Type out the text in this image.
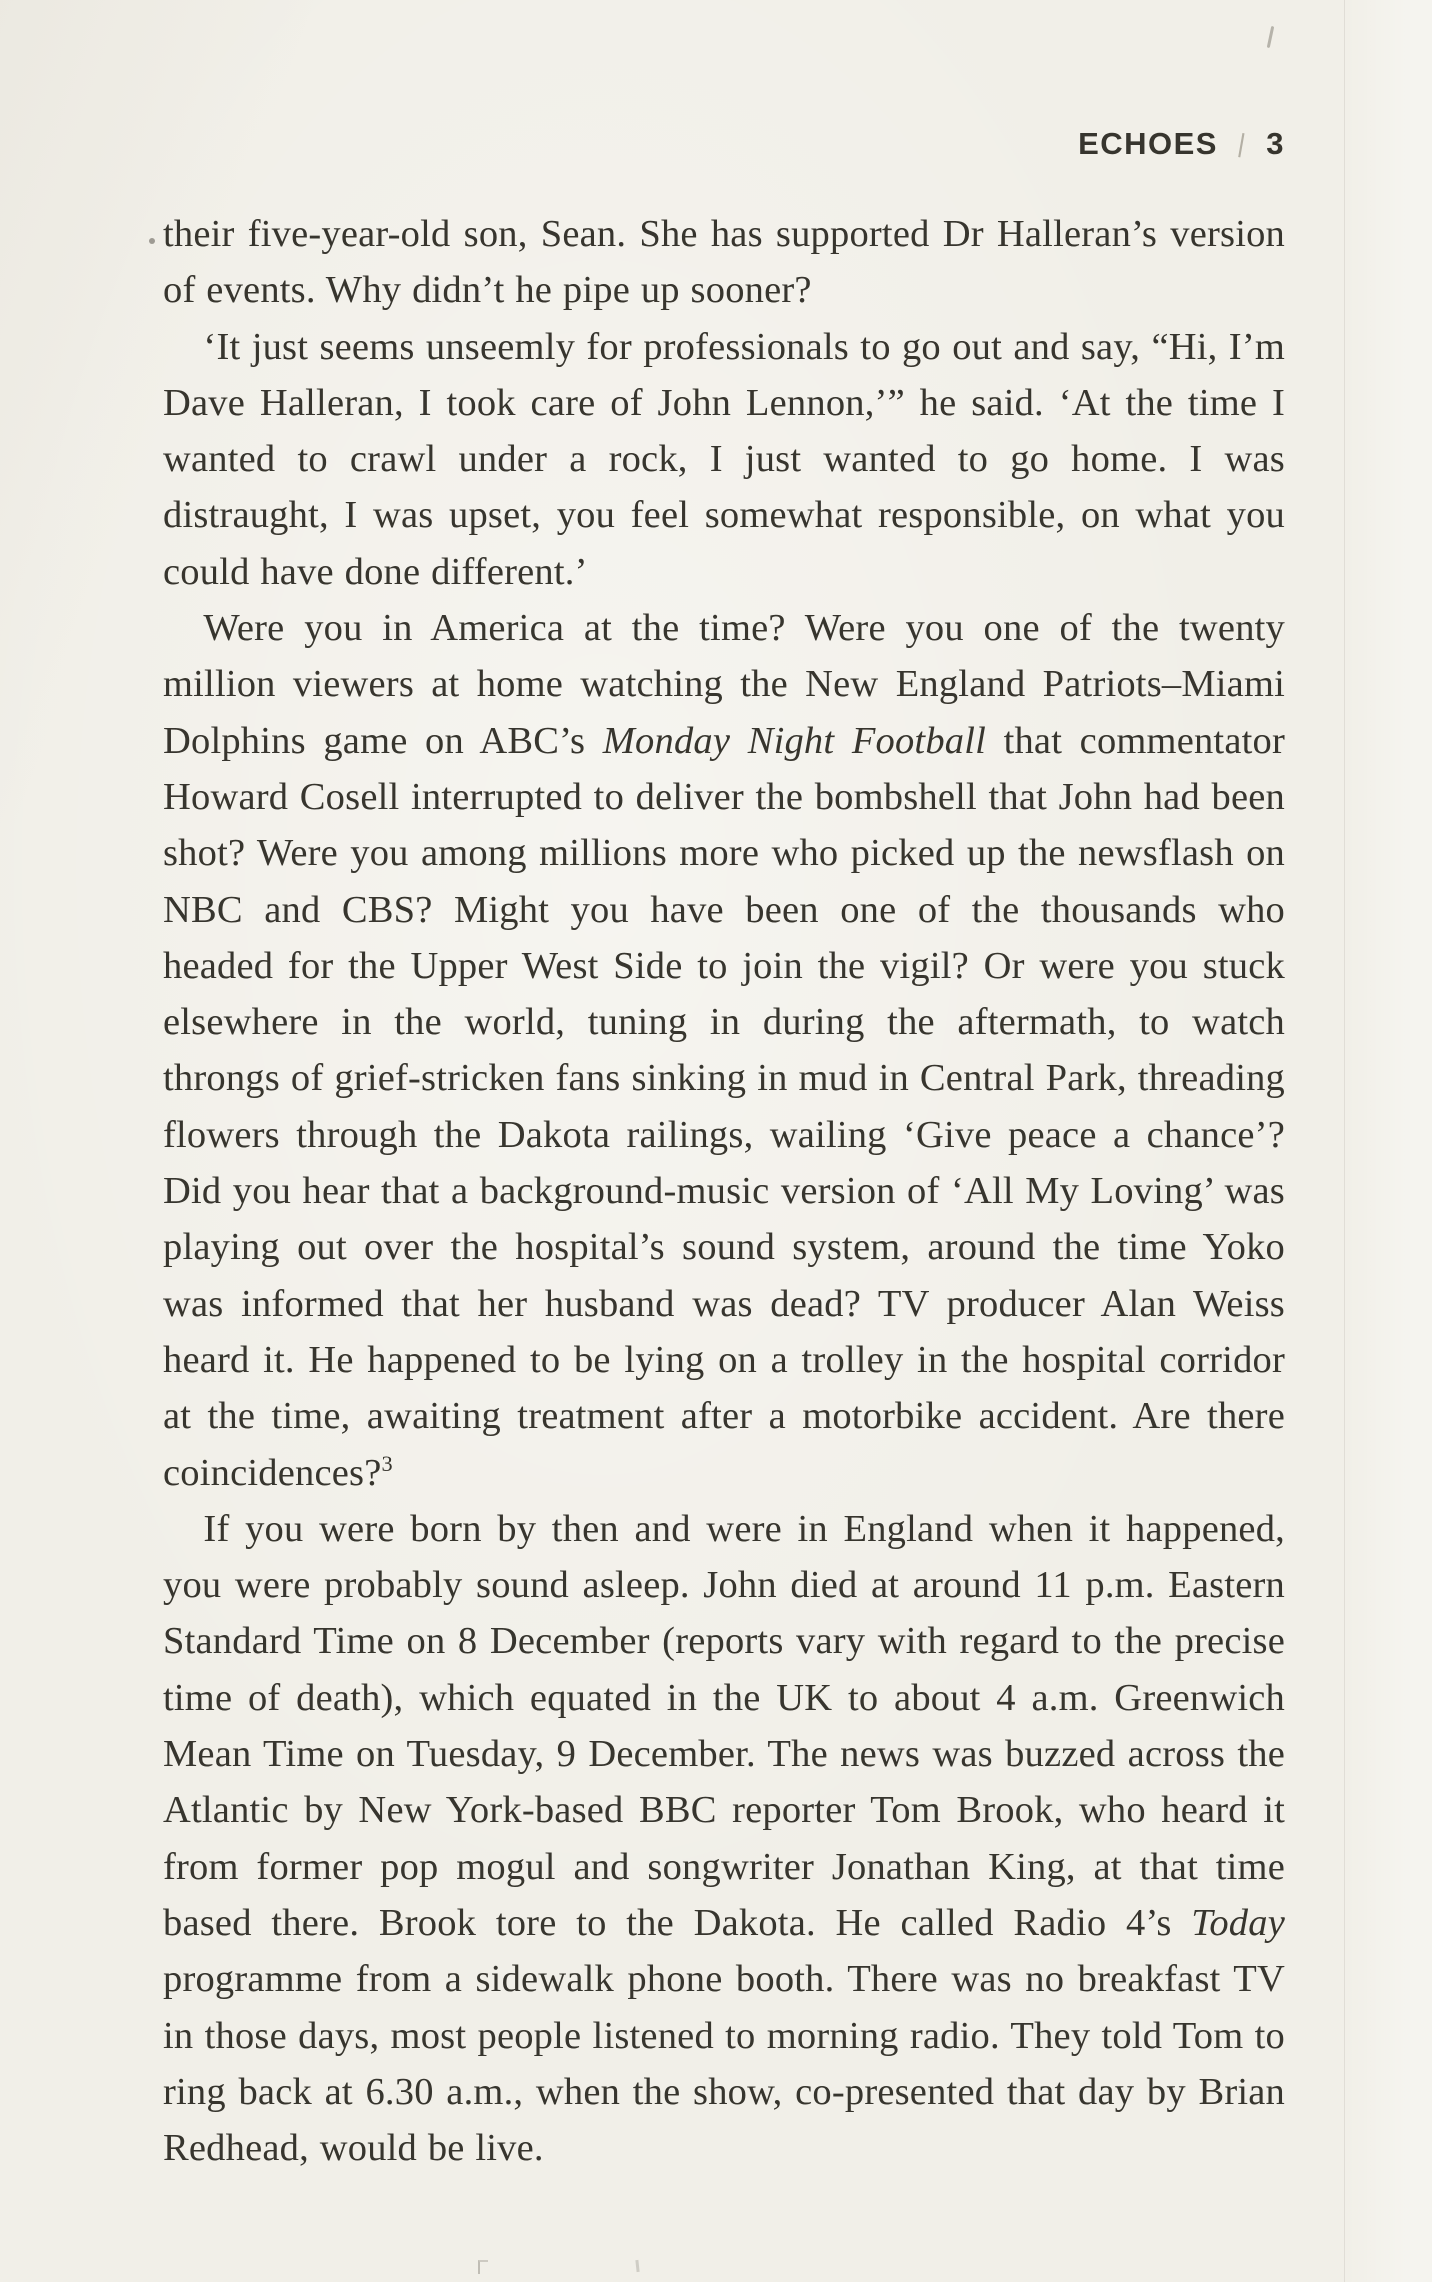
ECHOES | 3

their five-year-old son, Sean. She has supported Dr Halleran’s version of events. Why didn’t he pipe up sooner?

‘It just seems unseemly for professionals to go out and say, “Hi, I’m Dave Halleran, I took care of John Lennon,’” he said. ‘At the time I wanted to crawl under a rock, I just wanted to go home. I was distraught, I was upset, you feel somewhat responsible, on what you could have done different.’

Were you in America at the time? Were you one of the twenty million viewers at home watching the New England Patriots–Miami Dolphins game on ABC’s Monday Night Football that commentator Howard Cosell interrupted to deliver the bombshell that John had been shot? Were you among millions more who picked up the newsflash on NBC and CBS? Might you have been one of the thousands who headed for the Upper West Side to join the vigil? Or were you stuck elsewhere in the world, tuning in during the aftermath, to watch throngs of grief-stricken fans sinking in mud in Central Park, threading flowers through the Dakota railings, wailing ‘Give peace a chance’? Did you hear that a background-music version of ‘All My Loving’ was playing out over the hospital’s sound system, around the time Yoko was informed that her husband was dead? TV producer Alan Weiss heard it. He happened to be lying on a trolley in the hospital corridor at the time, awaiting treatment after a motorbike accident. Are there coincidences?$^3$

If you were born by then and were in England when it happened, you were probably sound asleep. John died at around 11 p.m. Eastern Standard Time on 8 December (reports vary with regard to the precise time of death), which equated in the UK to about 4 a.m. Greenwich Mean Time on Tuesday, 9 December. The news was buzzed across the Atlantic by New York-based BBC reporter Tom Brook, who heard it from former pop mogul and songwriter Jonathan King, at that time based there. Brook tore to the Dakota. He called Radio 4’s Today programme from a sidewalk phone booth. There was no breakfast TV in those days, most people listened to morning radio. They told Tom to ring back at 6.30 a.m., when the show, co-presented that day by Brian Redhead, would be live.
